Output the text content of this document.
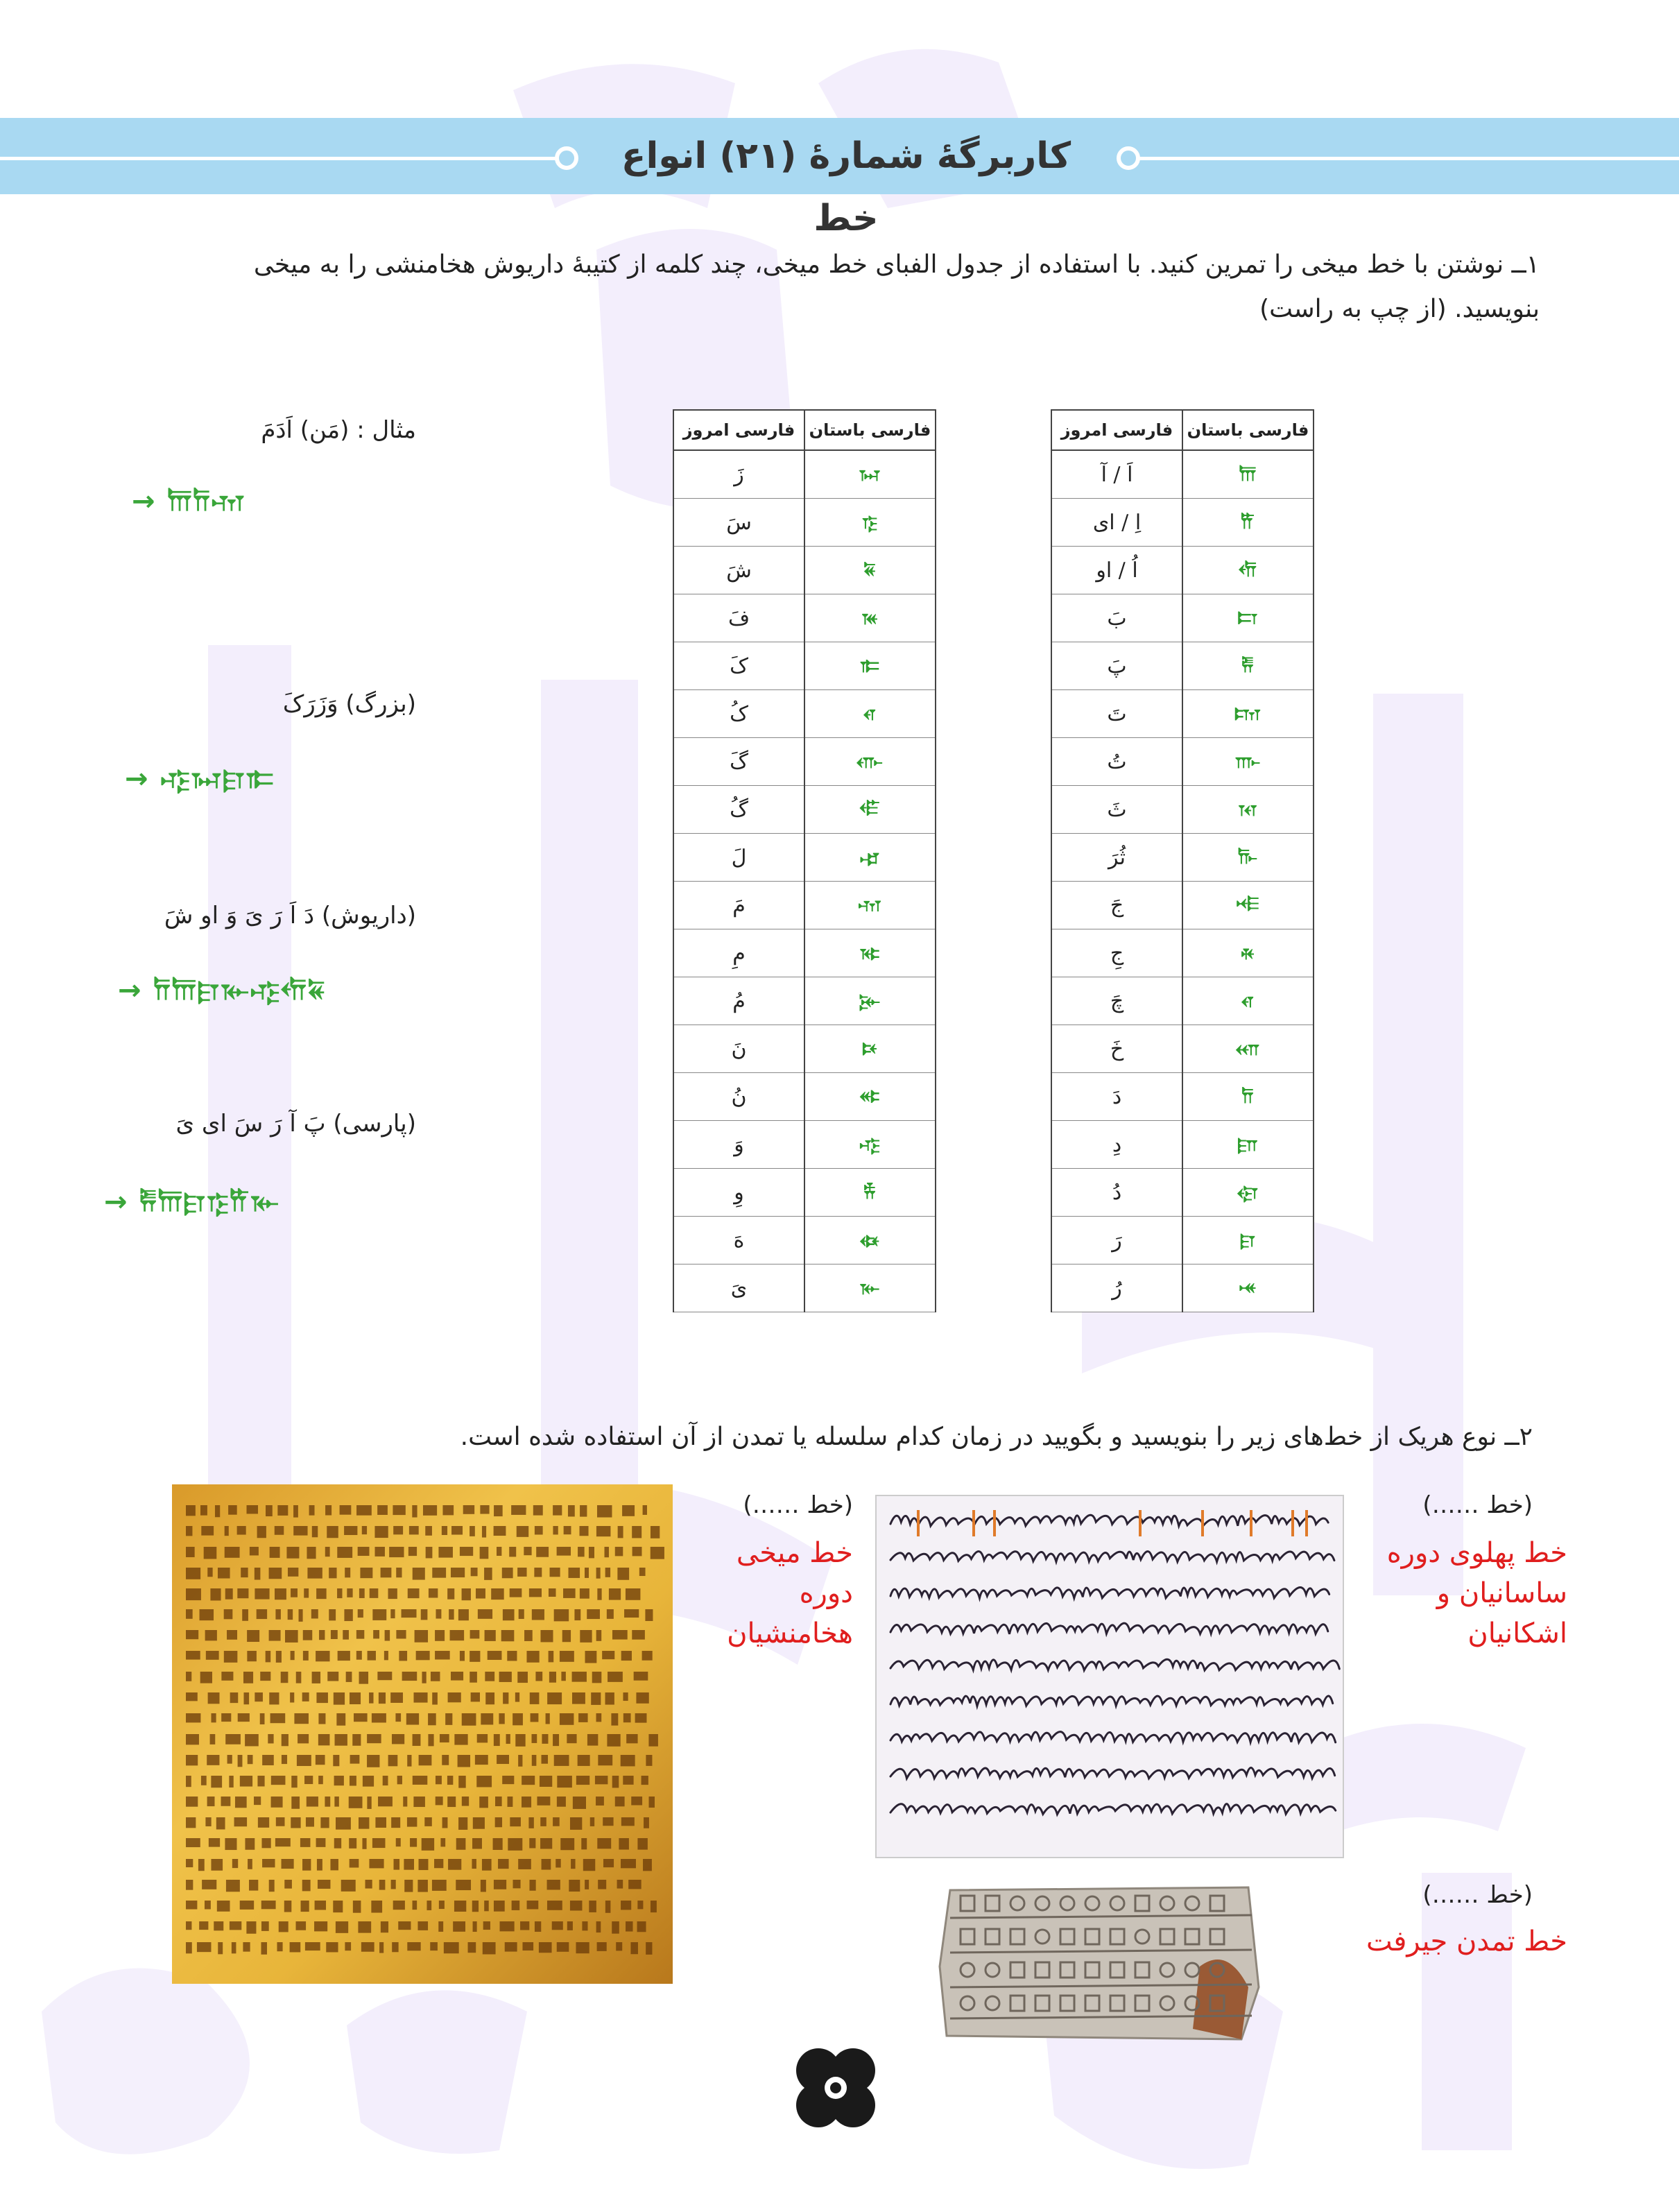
کاربرگهٔ شمارهٔ (۲۱) انواع خط
۱ــ نوشتن با خط میخی را تمرین کنید. با استفاده از جدول الفبای خط میخی، چند کلمه از کتیبهٔ داریوش هخامنشی را به میخی
بنویسید. (از چپ به راست)
فارسی باستان	فارسی امروز
𐎠	اَ / آ
𐎡	اِ / ای
𐎢	اُ / او
𐎲	بَ
𐎱	پَ
𐎫	تَ
𐎬	تُ
𐎰	ثَ
𐎨	ثُرَ
𐎪	جَ
𐎩	جِ
𐎤	چَ
𐎧	خَ
𐎭	دَ
𐎮	دِ
𐎯	دُ
𐎼	رَ
𐎽	رُ
فارسی باستان	فارسی امروز
𐏀	زَ
𐎿	سَ
𐏁	شَ
𐎳	فَ
𐎣	کَ
𐎤	کُ
𐎥	گَ
𐎦	گُ
𐎾	لَ
𐎶	مَ
𐎷	مِ
𐎸	مُ
𐎴	نَ
𐎵	نُ
𐎺	وَ
𐎻	وِ
𐏃	هَ
𐎹	یَ
مثال : (مَن) اَدَمَ
→ 𐎠𐎭𐎶
(بزرگ) وَزَرَکَ
→ 𐎺𐏀𐎼𐎣
(داریوش) دَ اَ رَ یَ وَ او شَ
→ 𐎭𐎠𐎼𐎹𐎺𐎢𐏁
(پارسی) پَ آ رَ سَ ای یَ
→ 𐎱𐎠𐎼𐎿𐎡𐎹
۲ــ نوع هریک از خط‌های زیر را بنویسید و بگویید در زمان کدام سلسله یا تمدن از آن استفاده شده است.
(خط ……)
خط میخی
دوره
هخامنشیان
(خط ……)
خط پهلوی دوره
ساسانیان و
اشکانیان
(خط ……)
خط تمدن جیرفت
